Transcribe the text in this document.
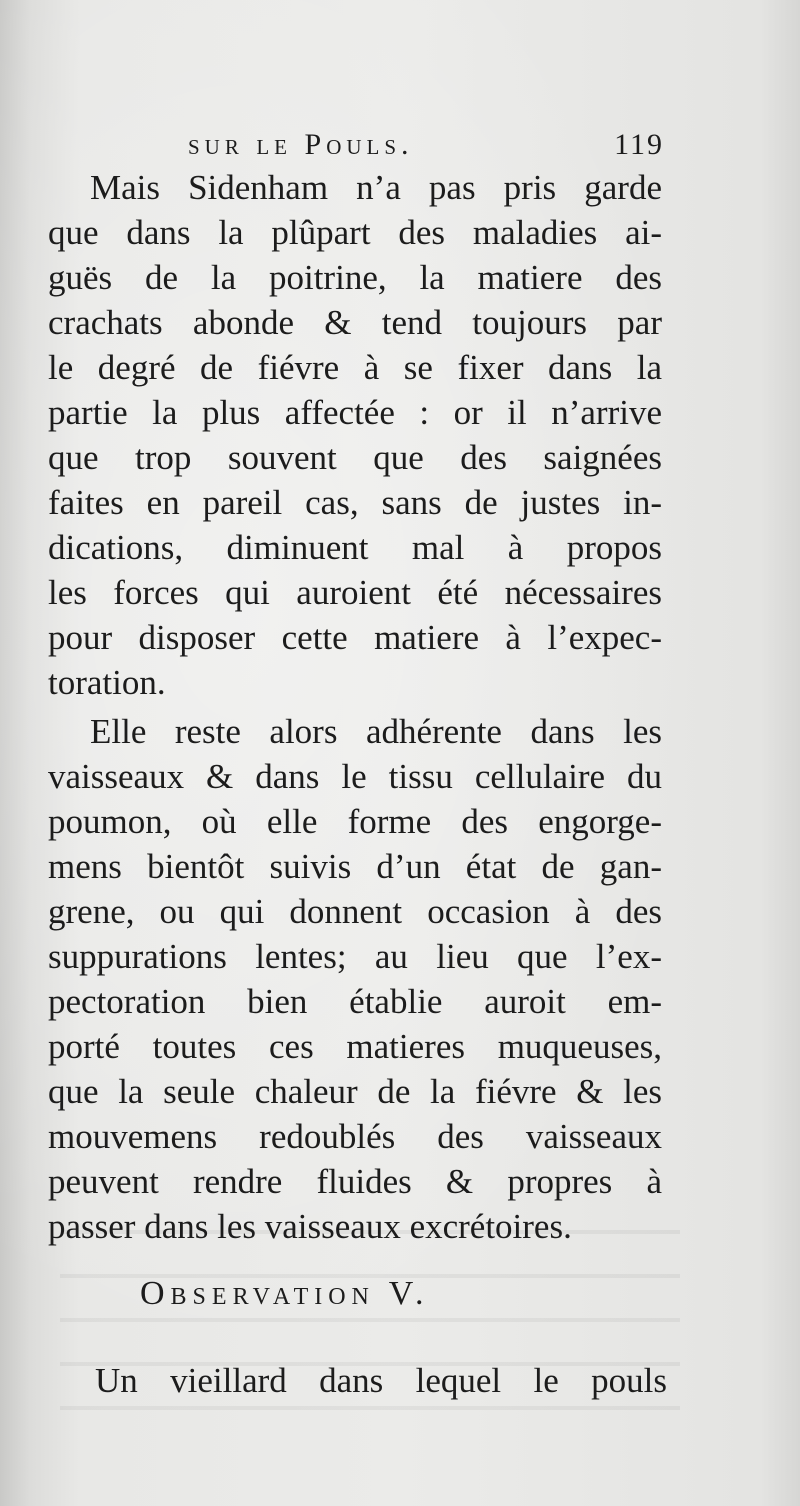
sur le Pouls.	119
Mais Sidenham n’a pas pris garde
que dans la plûpart des maladies ai-
guës de la poitrine, la matiere des
crachats abonde & tend toujours par
le degré de fiévre à se fixer dans la
partie la plus affectée : or il n’arrive
que trop souvent que des saignées
faites en pareil cas, sans de justes in-
dications, diminuent mal à propos
les forces qui auroient été nécessaires
pour disposer cette matiere à l’expec-
toration.
Elle reste alors adhérente dans les
vaisseaux & dans le tissu cellulaire du
poumon, où elle forme des engorge-
mens bientôt suivis d’un état de gan-
grene, ou qui donnent occasion à des
suppurations lentes; au lieu que l’ex-
pectoration bien établie auroit em-
porté toutes ces matieres muqueuses,
que la seule chaleur de la fiévre & les
mouvemens redoublés des vaisseaux
peuvent rendre fluides & propres à
passer dans les vaisseaux excrétoires.
Observation V.
Un vieillard dans lequel le pouls
